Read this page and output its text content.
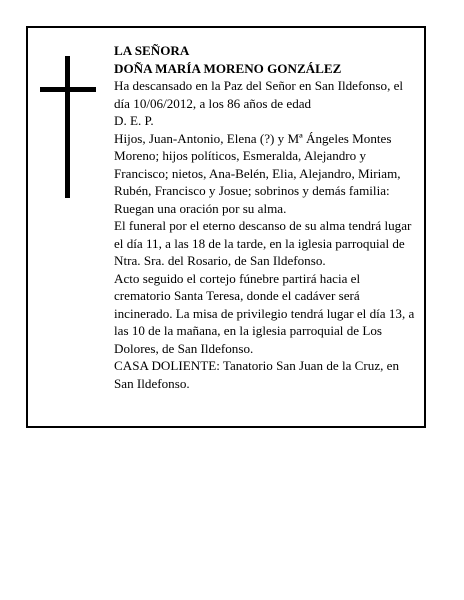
LA SEÑORA

DOÑA MARÍA MORENO GONZÁLEZ

Ha descansado en la Paz del Señor en San Ildefonso, el día 10/06/2012, a los 86 años de edad

D. E. P.

Hijos, Juan-Antonio, Elena (?) y Mª Ángeles Montes Moreno; hijos políticos, Esmeralda, Alejandro y Francisco; nietos, Ana-Belén, Elia, Alejandro, Miriam, Rubén, Francisco y Josue; sobrinos y demás familia:

Ruegan una oración por su alma.

El funeral por el eterno descanso de su alma tendrá lugar el día 11, a las 18 de la tarde, en la iglesia parroquial de Ntra. Sra. del Rosario, de San Ildefonso.

Acto seguido el cortejo fúnebre partirá hacia el crematorio Santa Teresa, donde el cadáver será incinerado. La misa de privilegio tendrá lugar el día 13, a las 10 de la mañana, en la iglesia parroquial de Los Dolores, de San Ildefonso.

CASA DOLIENTE: Tanatorio San Juan de la Cruz, en San Ildefonso.
